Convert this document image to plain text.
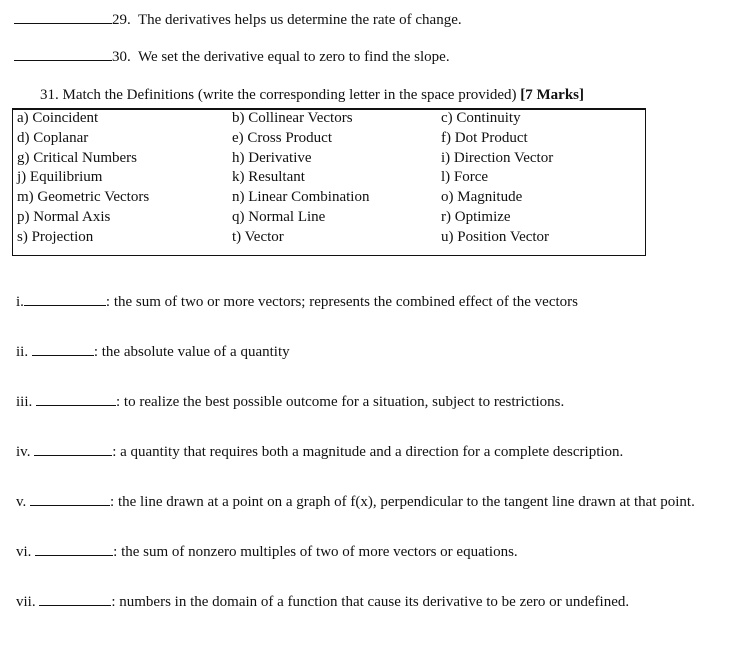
29. The derivatives helps us determine the rate of change.
30. We set the derivative equal to zero to find the slope.
31. Match the Definitions (write the corresponding letter in the space provided) [7 Marks]
a) Coincident	b) Collinear Vectors	c) Continuity
d) Coplanar	e) Cross Product	f) Dot Product
g) Critical Numbers	h) Derivative	i) Direction Vector
j) Equilibrium	k) Resultant	l) Force
m) Geometric Vectors	n) Linear Combination	o) Magnitude
p) Normal Axis	q) Normal Line	r) Optimize
s) Projection	t) Vector	u) Position Vector
i.	: the sum of two or more vectors; represents the combined effect of the vectors
ii.	: the absolute value of a quantity
iii.	: to realize the best possible outcome for a situation, subject to restrictions.
iv.	: a quantity that requires both a magnitude and a direction for a complete description.
v.	: the line drawn at a point on a graph of f(x), perpendicular to the tangent line drawn at that point.
vi.	: the sum of nonzero multiples of two of more vectors or equations.
vii.	: numbers in the domain of a function that cause its derivative to be zero or undefined.
